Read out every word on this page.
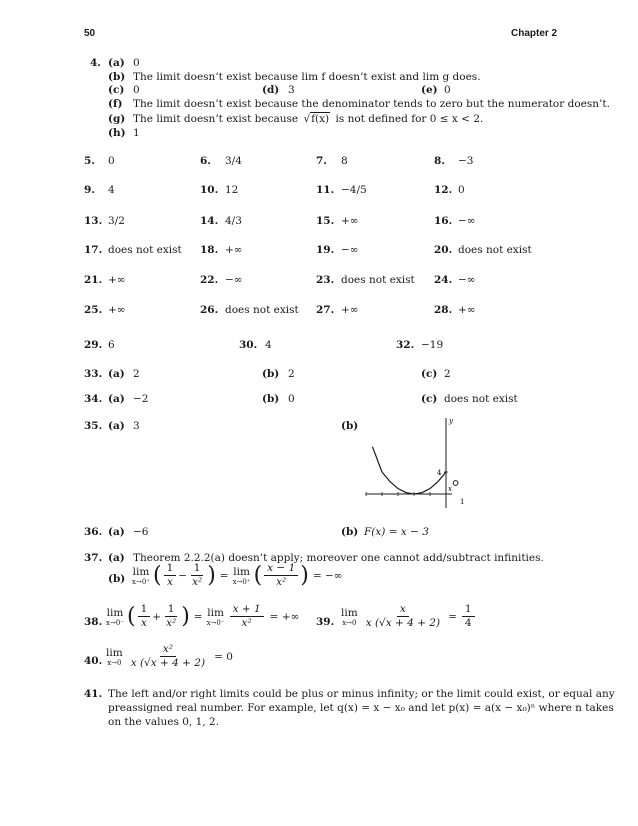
50	Chapter 2
4. (a) 0
(b) The limit doesn’t exist because lim f doesn’t exist and lim g does.
(c) 0	(d) 3	(e) 0
(f) The limit doesn’t exist because the denominator tends to zero but the numerator doesn’t.
(g) The limit doesn’t exist because √f(x) is not defined for 0 ≤ x < 2.
(h) 1
5. 0	6. 3/4	7. 8	8. −3
9. 4	10. 12	11. −4/5	12. 0
13. 3/2	14. 4/3	15. +∞	16. −∞
17. does not exist 18. +∞	19. −∞	20. does not exist
21. +∞	22. −∞	23. does not exist 24. −∞
25. +∞	26. does not exist 27. +∞	28. +∞
29. 6	30. 4	32. −19
33. (a) 2	(b) 2	(c) 2
34. (a) −2	(b) 0	(c) does not exist
35. (a) 3	(b)
x
y
1
4
36. (a) −6	(b) F(x) = x − 3
37. (a) Theorem 2.2.2(a) doesn’t apply; moreover one cannot add/subtract infinities.
(b)
lim
x→0⁺ ( $\frac{1}{x} - \frac{1}{\text{x²}}$ ) = lim
x→0⁺ ( $\frac{x - 1}{\text{x²}}$ ) = −∞
38.
lim
x→0⁻ ( $\frac{1}{x} + \frac{1}{\text{x²}}$ ) = lim
$x\to 0^- \frac{x + 1}{\text{x²}}$ = +∞ 39.
lim
$x\to 0 \frac{x}{x (√x + 4 + 2)} = \frac{1}{4}$
40.
lim
$x\to 0 \frac{\text{x²}}{x (√x + 4 + 2)} = 0$
41. The left and/or right limits could be plus or minus infinity; or the limit could exist, or equal any
preassigned real number. For example, let q(x) = x − x₀ and let p(x) = a(x − x₀)ⁿ where n takes
on the values 0, 1, 2.
